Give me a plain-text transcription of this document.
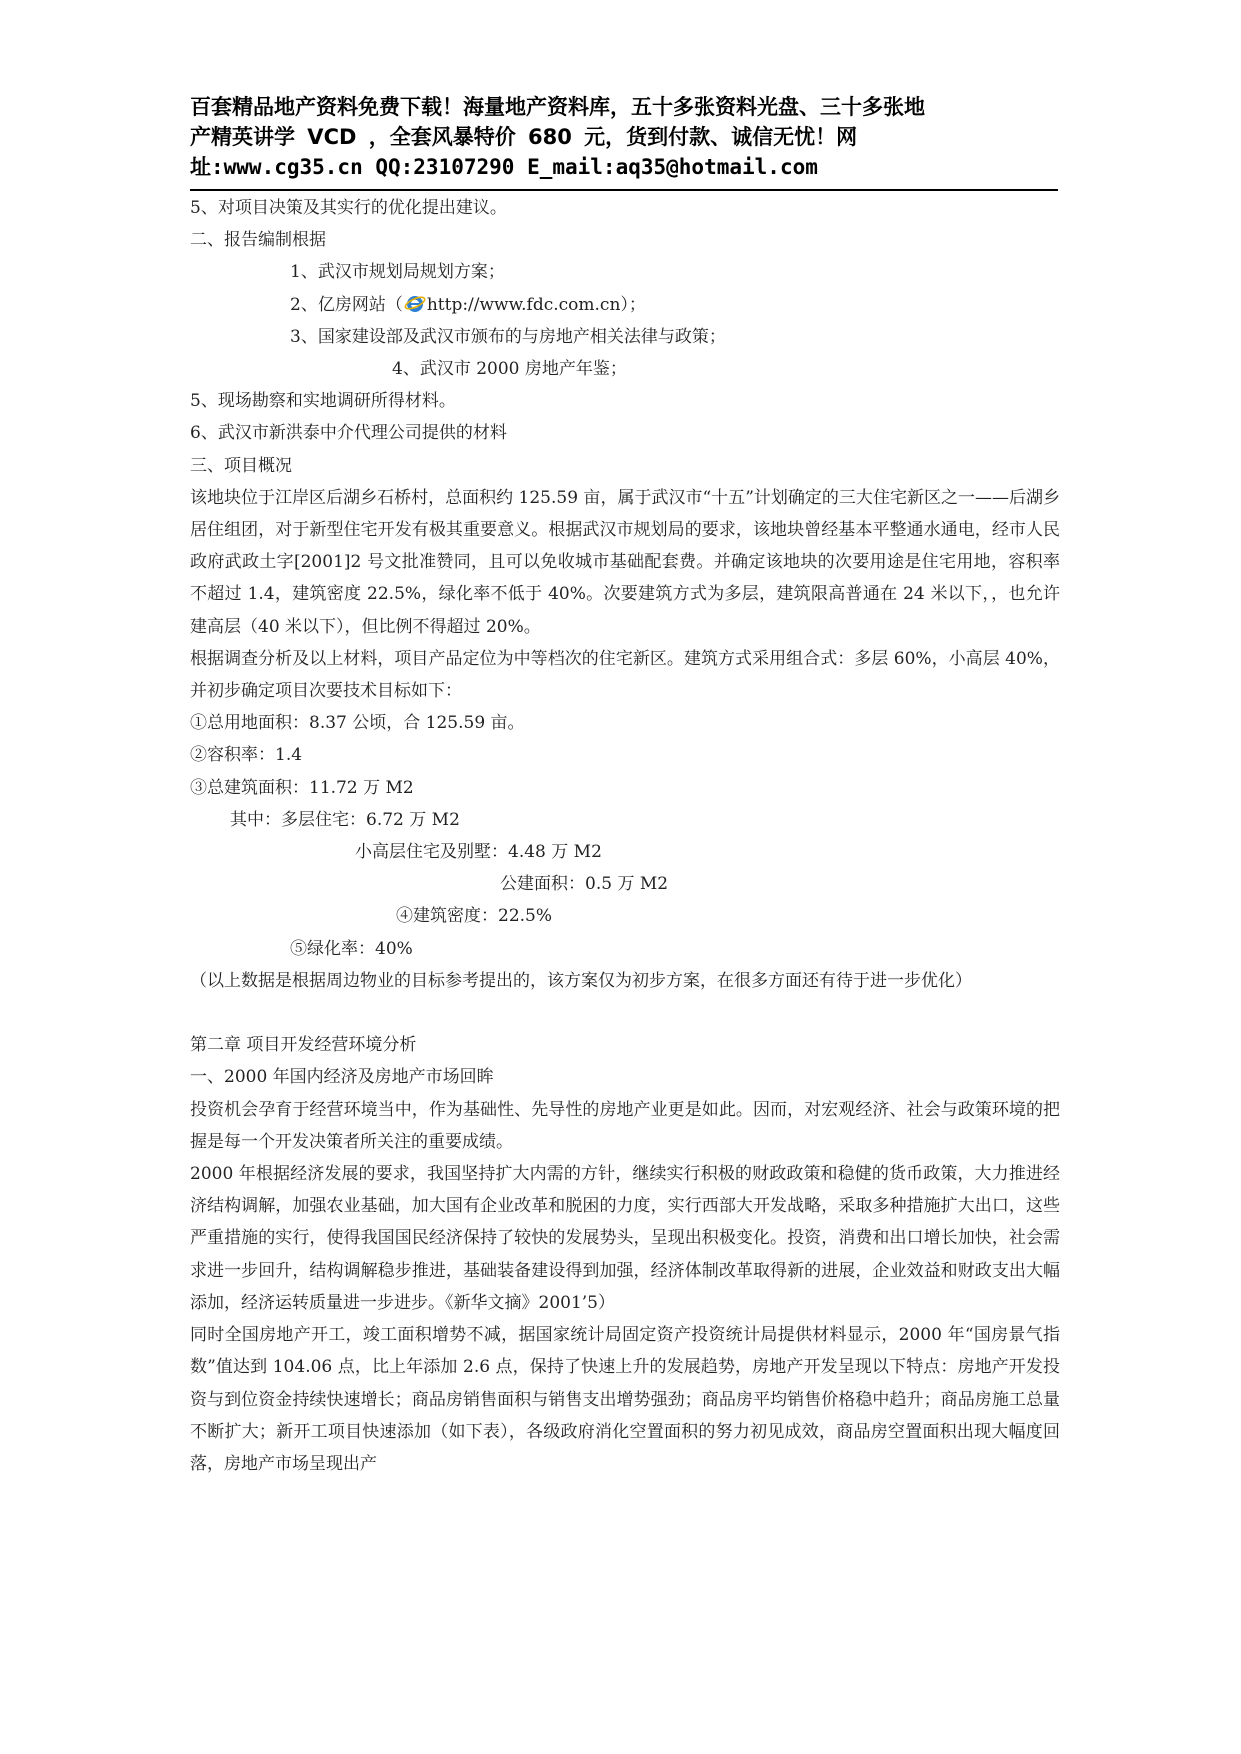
百套精品地产资料免费下载！海量地产资料库，五十多张资料光盘、三十多张地
产精英讲学 VCD ，全套风暴特价 680 元，货到付款、诚信无忧！网
址:www.cg35.cn QQ:23107290 E_mail:aq35@hotmail.com

5、对项目决策及其实行的优化提出建议。

二、报告编制根据

1、武汉市规划局规划方案；

2、亿房网站（ http://www.fdc.com.cn）；

3、国家建设部及武汉市颁布的与房地产相关法律与政策；

4、武汉市 2000 房地产年鉴；

5、现场勘察和实地调研所得材料。

6、武汉市新洪泰中介代理公司提供的材料

三、项目概况

该地块位于江岸区后湖乡石桥村，总面积约 125.59 亩，属于武汉市“十五”计划确定的三大住宅新区之一——后湖乡居住组团，对于新型住宅开发有极其重要意义。根据武汉市规划局的要求，该地块曾经基本平整通水通电，经市人民政府武政土字[2001]2 号文批准赞同，且可以免收城市基础配套费。并确定该地块的次要用途是住宅用地，容积率不超过 1.4，建筑密度 22.5%，绿化率不低于 40%。次要建筑方式为多层，建筑限高普通在 24 米以下，，也允许建高层（40 米以下），但比例不得超过 20%。

根据调查分析及以上材料，项目产品定位为中等档次的住宅新区。建筑方式采用组合式：多层 60%，小高层 40%，并初步确定项目次要技术目标如下：

①总用地面积：8.37 公顷，合 125.59 亩。

②容积率：1.4

③总建筑面积：11.72 万 M2

其中：多层住宅：6.72 万 M2

小高层住宅及别墅：4.48 万 M2

公建面积：0.5 万 M2

④建筑密度：22.5%

⑤绿化率：40%

（以上数据是根据周边物业的目标参考提出的，该方案仅为初步方案，在很多方面还有待于进一步优化）

第二章 项目开发经营环境分析

一、2000 年国内经济及房地产市场回眸

投资机会孕育于经营环境当中，作为基础性、先导性的房地产业更是如此。因而，对宏观经济、社会与政策环境的把握是每一个开发决策者所关注的重要成绩。

2000 年根据经济发展的要求，我国坚持扩大内需的方针，继续实行积极的财政政策和稳健的货币政策，大力推进经济结构调解，加强农业基础，加大国有企业改革和脱困的力度，实行西部大开发战略，采取多种措施扩大出口，这些严重措施的实行，使得我国国民经济保持了较快的发展势头，呈现出积极变化。投资，消费和出口增长加快，社会需求进一步回升，结构调解稳步推进，基础装备建设得到加强，经济体制改革取得新的进展，企业效益和财政支出大幅添加，经济运转质量进一步进步。《新华文摘》2001’5）

同时全国房地产开工，竣工面积增势不减，据国家统计局固定资产投资统计局提供材料显示，2000 年“国房景气指数”值达到 104.06 点，比上年添加 2.6 点，保持了快速上升的发展趋势，房地产开发呈现以下特点：房地产开发投资与到位资金持续快速增长；商品房销售面积与销售支出增势强劲；商品房平均销售价格稳中趋升；商品房施工总量不断扩大；新开工项目快速添加（如下表），各级政府消化空置面积的努力初见成效，商品房空置面积出现大幅度回落，房地产市场呈现出产
